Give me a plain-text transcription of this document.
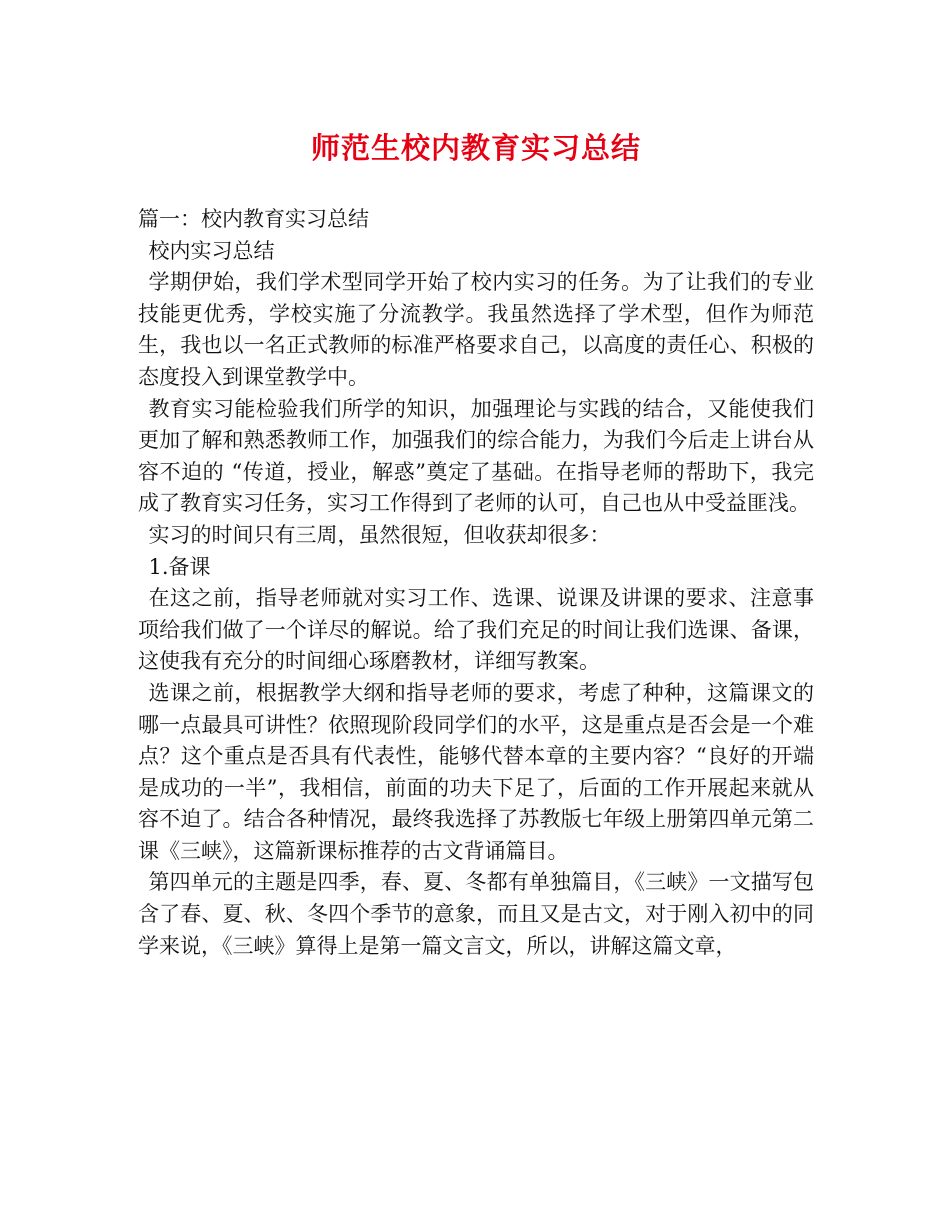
师范生校内教育实习总结

篇一：校内教育实习总结

校内实习总结

学期伊始，我们学术型同学开始了校内实习的任务。为了让我们的专业技能更优秀，学校实施了分流教学。我虽然选择了学术型，但作为师范生，我也以一名正式教师的标准严格要求自己，以高度的责任心、积极的态度投入到课堂教学中。

教育实习能检验我们所学的知识，加强理论与实践的结合，又能使我们更加了解和熟悉教师工作，加强我们的综合能力，为我们今后走上讲台从容不迫的 “传道，授业，解惑”奠定了基础。在指导老师的帮助下，我完成了教育实习任务，实习工作得到了老师的认可，自己也从中受益匪浅。

实习的时间只有三周，虽然很短，但收获却很多：

1.备课

在这之前，指导老师就对实习工作、选课、说课及讲课的要求、注意事项给我们做了一个详尽的解说。给了我们充足的时间让我们选课、备课，这使我有充分的时间细心琢磨教材，详细写教案。

选课之前，根据教学大纲和指导老师的要求，考虑了种种，这篇课文的哪一点最具可讲性？依照现阶段同学们的水平，这是重点是否会是一个难点？这个重点是否具有代表性，能够代替本章的主要内容？“良好的开端是成功的一半”，我相信，前面的功夫下足了，后面的工作开展起来就从容不迫了。结合各种情况，最终我选择了苏教版七年级上册第四单元第二课《三峡》，这篇新课标推荐的古文背诵篇目。

第四单元的主题是四季，春、夏、冬都有单独篇目，《三峡》一文描写包含了春、夏、秋、冬四个季节的意象，而且又是古文，对于刚入初中的同学来说，《三峡》算得上是第一篇文言文，所以，讲解这篇文章，
